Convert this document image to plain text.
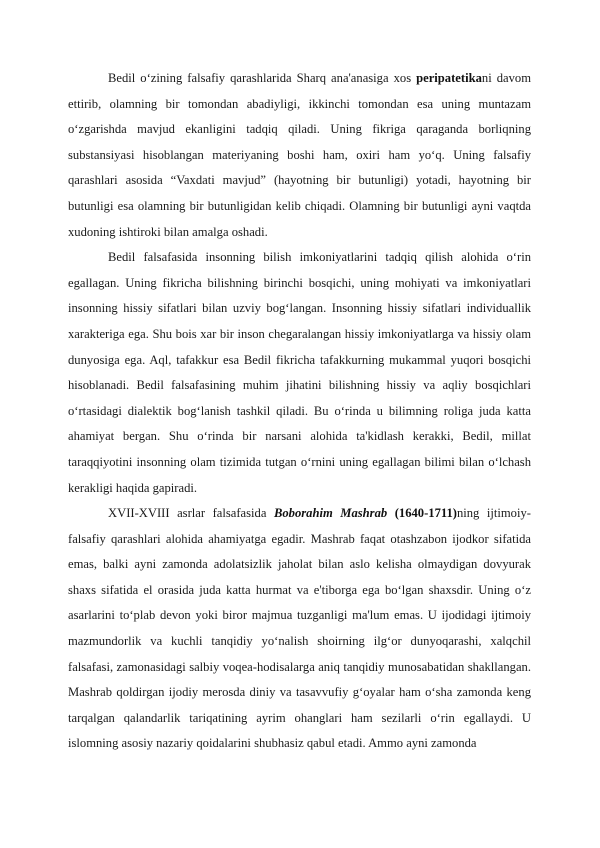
Bedil o‘zining falsafiy qarashlarida Sharq ana'anasiga xos peripatetikani davom ettirib, olamning bir tomondan abadiyligi, ikkinchi tomondan esa uning muntazam o‘zgarishda mavjud ekanligini tadqiq qiladi. Uning fikriga qaraganda borliqning substansiyasi hisoblangan materiyaning boshi ham, oxiri ham yo‘q. Uning falsafiy qarashlari asosida “Vaxdati mavjud” (hayotning bir butunligi) yotadi, hayotning bir butunligi esa olamning bir butunligidan kelib chiqadi. Olamning bir butunligi ayni vaqtda xudoning ishtiroki bilan amalga oshadi.

Bedil falsafasida insonning bilish imkoniyatlarini tadqiq qilish alohida o‘rin egallagan. Uning fikricha bilishning birinchi bosqichi, uning mohiyati va imkoniyatlari insonning hissiy sifatlari bilan uzviy bog‘langan. Insonning hissiy sifatlari individuallik xarakteriga ega. Shu bois xar bir inson chegaralangan hissiy imkoniyatlarga va hissiy olam dunyosiga ega. Aql, tafakkur esa Bedil fikricha tafakkurning mukammal yuqori bosqichi hisoblanadi. Bedil falsafasining muhim jihatini bilishning hissiy va aqliy bosqichlari o‘rtasidagi dialektik bog‘lanish tashkil qiladi. Bu o‘rinda u bilimning roliga juda katta ahamiyat bergan. Shu o‘rinda bir narsani alohida ta'kidlash kerakki, Bedil, millat taraqqiyotini insonning olam tizimida tutgan o‘rnini uning egallagan bilimi bilan o‘lchash kerakligi haqida gapiradi.

XVII-XVIII asrlar falsafasida Boborahim Mashrab (1640-1711)ning ijtimoiy-falsafiy qarashlari alohida ahamiyatga egadir. Mashrab faqat otashzabon ijodkor sifatida emas, balki ayni zamonda adolatsizlik jaholat bilan aslo kelisha olmaydigan dovyurak shaxs sifatida el orasida juda katta hurmat va e'tiborga ega bo‘lgan shaxsdir. Uning o‘z asarlarini to‘plab devon yoki biror majmua tuzganligi ma'lum emas. U ijodidagi ijtimoiy mazmundorlik va kuchli tanqidiy yo‘nalish shoirning ilg‘or dunyoqarashi, xalqchil falsafasi, zamonasidagi salbiy voqea-hodisalarga aniq tanqidiy munosabatidan shakllangan. Mashrab qoldirgan ijodiy merosda diniy va tasavvufiy g‘oyalar ham o‘sha zamonda keng tarqalgan qalandarlik tariqatining ayrim ohanglari ham sezilarli o‘rin egallaydi. U islomning asosiy nazariy qoidalarini shubhasiz qabul etadi. Ammo ayni zamonda
